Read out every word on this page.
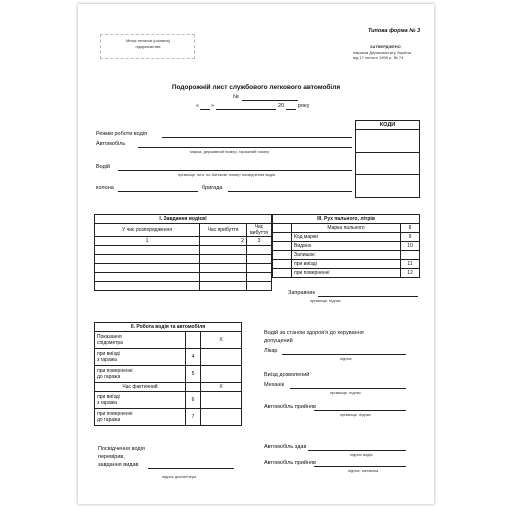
Місце печатки (штампа)
підприємства
Типова форма № 3
ЗАТВЕРДЖЕНО
наказом Держкомстату України
від 17 лютого 1998 р. № 74
Подорожній лист службового легкового автомобіля
№
« »	20	року
КОДИ
Режим роботи водія
Автомобіль
марка, державний номер, гаражний номер
Водій
прізвище, ім'я, по батькові; номер посвідчення водія
колона	бригада
І. Завдання водієві		
У чиє розпорядження	Час прибуття	Час вибуття
1	2	3

ІІІ. Рух пального, літрів		
	Марка пального	8
	Код марки	9
	Видано	10
	Залишок:	
	при виїзді	11
	при поверненні	12
Заправник
прізвище, підпис
ІІ. Робота водія та автомобіля		

Показання
спідометра		X

при виїзді
з гаража	4	

при поверненні
до гаража	5	
Час фактичний		X

при виїзді
з гаража	6	

при поверненні
до гаража	7	
Водій за станом здоров'я до керування
допущений
Лікар
підпис
Виїзд дозволений
Механік
прізвище, підпис
Автомобіль прийняв
прізвище, підпис
Автомобіль здав
підпис водія
Автомобіль прийняв
підпис, механіка
Посвідчення водія
перевірив,
завдання видав
підпис диспетчера
